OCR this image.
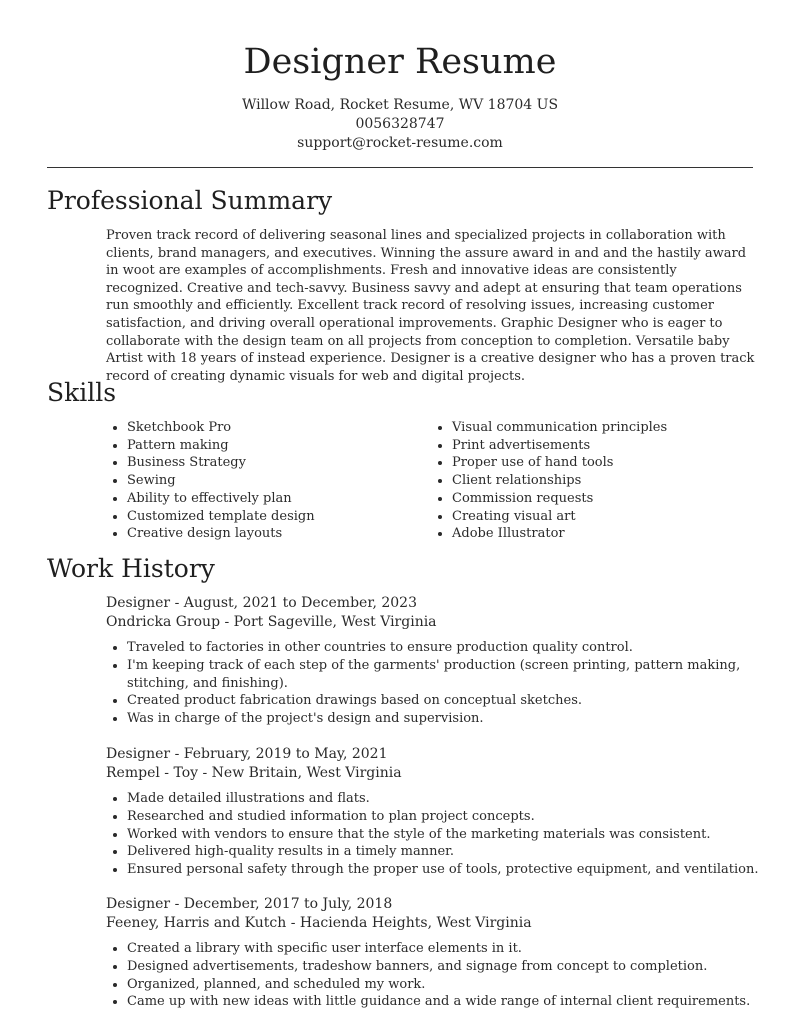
Designer Resume
Willow Road, Rocket Resume, WV 18704 US
0056328747
support@rocket-resume.com
Professional Summary
Proven track record of delivering seasonal lines and specialized projects in collaboration with clients, brand managers, and executives. Winning the assure award in and and the hastily award in woot are examples of accomplishments. Fresh and innovative ideas are consistently recognized. Creative and tech-savvy. Business savvy and adept at ensuring that team operations run smoothly and efficiently. Excellent track record of resolving issues, increasing customer satisfaction, and driving overall operational improvements. Graphic Designer who is eager to collaborate with the design team on all projects from conception to completion. Versatile baby Artist with 18 years of instead experience. Designer is a creative designer who has a proven track record of creating dynamic visuals for web and digital projects.
Skills
• Sketchbook Pro
• Pattern making
• Business Strategy
• Sewing
• Ability to effectively plan
• Customized template design
• Creative design layouts
• Visual communication principles
• Print advertisements
• Proper use of hand tools
• Client relationships
• Commission requests
• Creating visual art
• Adobe Illustrator
Work History
Designer - August, 2021 to December, 2023
Ondricka Group - Port Sageville, West Virginia
• Traveled to factories in other countries to ensure production quality control.
• I'm keeping track of each step of the garments' production (screen printing, pattern making, stitching, and finishing).
• Created product fabrication drawings based on conceptual sketches.
• Was in charge of the project's design and supervision.
Designer - February, 2019 to May, 2021
Rempel - Toy - New Britain, West Virginia
• Made detailed illustrations and flats.
• Researched and studied information to plan project concepts.
• Worked with vendors to ensure that the style of the marketing materials was consistent.
• Delivered high-quality results in a timely manner.
• Ensured personal safety through the proper use of tools, protective equipment, and ventilation.
Designer - December, 2017 to July, 2018
Feeney, Harris and Kutch - Hacienda Heights, West Virginia
• Created a library with specific user interface elements in it.
• Designed advertisements, tradeshow banners, and signage from concept to completion.
• Organized, planned, and scheduled my work.
• Came up with new ideas with little guidance and a wide range of internal client requirements.
